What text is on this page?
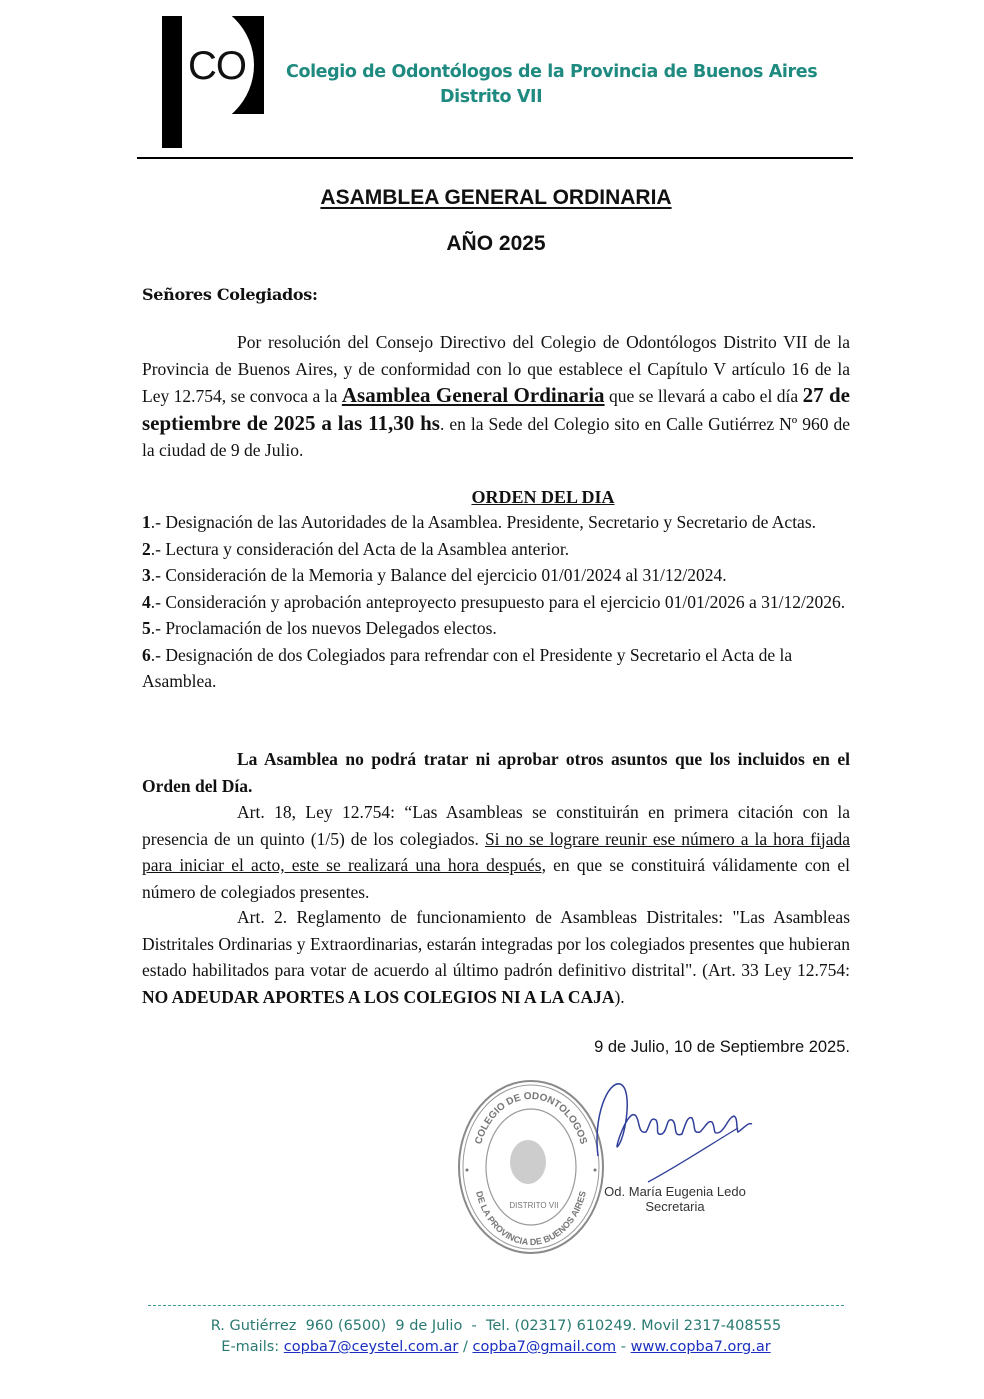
CO Colegio de Odontólogos de la Provincia de Buenos Aires
Distrito VII
ASAMBLEA GENERAL ORDINARIA
AÑO 2025
Señores Colegiados:

Por resolución del Consejo Directivo del Colegio de Odontólogos Distrito VII de la Provincia de Buenos Aires, y de conformidad con lo que establece el Capítulo V artículo 16 de la Ley 12.754, se convoca a la Asamblea General Ordinaria que se llevará a cabo el día 27 de septiembre de 2025 a las 11,30 hs. en la Sede del Colegio sito en Calle Gutiérrez Nº 960 de la ciudad de 9 de Julio.

ORDEN DEL DIA

1.- Designación de las Autoridades de la Asamblea. Presidente, Secretario y Secretario de Actas.

2.- Lectura y consideración del Acta de la Asamblea anterior.

3.- Consideración de la Memoria y Balance del ejercicio 01/01/2024 al 31/12/2024.

4.- Consideración y aprobación anteproyecto presupuesto para el ejercicio 01/01/2026 a 31/12/2026.

5.- Proclamación de los nuevos Delegados electos.

6.- Designación de dos Colegiados para refrendar con el Presidente y Secretario el Acta de la Asamblea.

La Asamblea no podrá tratar ni aprobar otros asuntos que los incluidos en el Orden del Día.

Art. 18, Ley 12.754: “Las Asambleas se constituirán en primera citación con la presencia de un quinto (1/5) de los colegiados. Si no se lograre reunir ese número a la hora fijada para iniciar el acto, este se realizará una hora después, en que se constituirá válidamente con el número de colegiados presentes.

Art. 2. Reglamento de funcionamiento de Asambleas Distritales: "Las Asambleas Distritales Ordinarias y Extraordinarias, estarán integradas por los colegiados presentes que hubieran estado habilitados para votar de acuerdo al último padrón definitivo distrital". (Art. 33 Ley 12.754: NO ADEUDAR APORTES A LOS COLEGIOS NI A LA CAJA).

9 de Julio, 10 de Septiembre 2025.
COLEGIO DE ODONTOLOGOS
DE LA PROVINCIA DE BUENOS AIRES
DISTRITO VII
Od. María Eugenia Ledo
Secretaria
R. Gutiérrez  960 (6500)  9 de Julio  -  Tel. (02317) 610249. Movil 2317-408555
E-mails: copba7@ceystel.com.ar / copba7@gmail.com - www.copba7.org.ar
